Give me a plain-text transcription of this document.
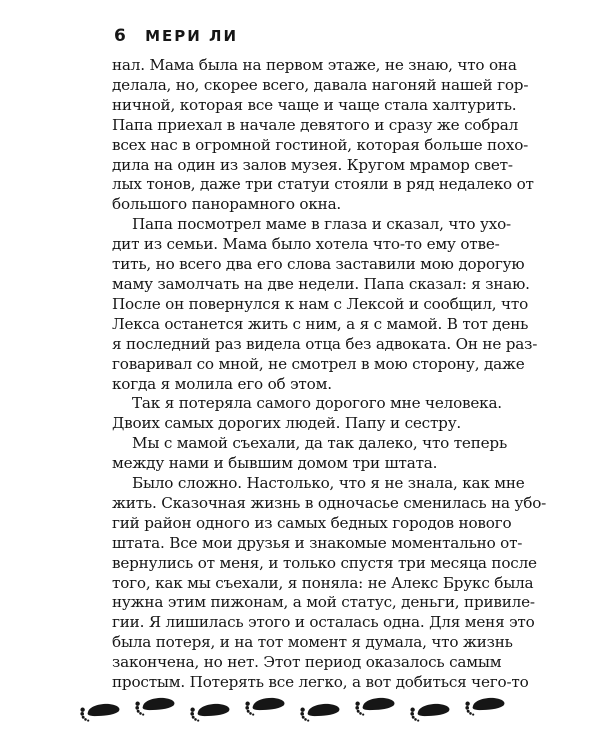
6 МЕРИ ЛИ
нал. Мама была на первом этаже, не знаю, что она
делала, но, скорее всего, давала нагоняй нашей гор-
ничной, которая все чаще и чаще стала халтурить.
Папа приехал в начале девятого и сразу же собрал
всех нас в огромной гостиной, которая больше похо-
дила на один из залов музея. Кругом мрамор свет-
лых тонов, даже три статуи стояли в ряд недалеко от
большого панорамного окна.
Папа посмотрел маме в глаза и сказал, что ухо-
дит из семьи. Мама было хотела что-то ему отве-
тить, но всего два его слова заставили мою дорогую
маму замолчать на две недели. Папа сказал: я знаю.
После он повернулся к нам с Лексой и сообщил, что
Лекса останется жить с ним, а я с мамой. В тот день
я последний раз видела отца без адвоката. Он не раз-
говаривал со мной, не смотрел в мою сторону, даже
когда я молила его об этом.
Так я потеряла самого дорогого мне человека.
Двоих самых дорогих людей. Папу и сестру.
Мы с мамой съехали, да так далеко, что теперь
между нами и бывшим домом три штата.
Было сложно. Настолько, что я не знала, как мне
жить. Сказочная жизнь в одночасье сменилась на убо-
гий район одного из самых бедных городов нового
штата. Все мои друзья и знакомые моментально от-
вернулись от меня, и только спустя три месяца после
того, как мы съехали, я поняла: не Алекс Брукс была
нужна этим пижонам, а мой статус, деньги, привиле-
гии. Я лишилась этого и осталась одна. Для меня это
была потеря, и на тот момент я думала, что жизнь
закончена, но нет. Этот период оказалось самым
простым. Потерять все легко, а вот добиться чего-то
